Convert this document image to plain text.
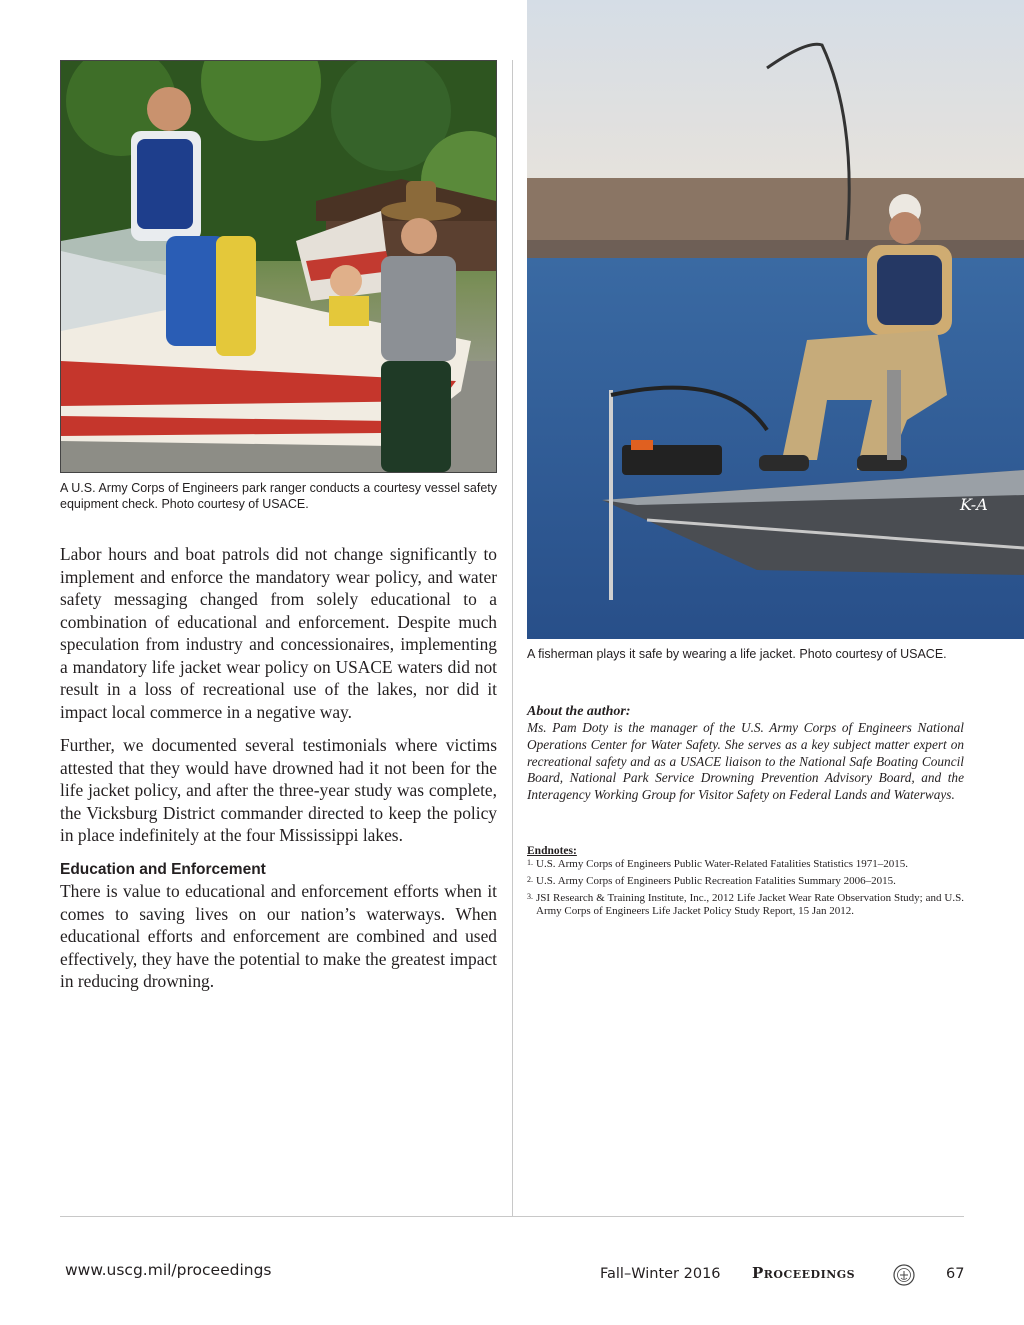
A U.S. Army Corps of Engineers park ranger conducts a courtesy vessel safety equipment check. Photo courtesy of USACE.

Labor hours and boat patrols did not change significantly to implement and enforce the mandatory wear policy, and water safety messaging changed from solely educational to a combination of educational and enforcement. Despite much speculation from industry and concessionaires, implementing a mandatory life jacket wear policy on USACE waters did not result in a loss of recreational use of the lakes, nor did it impact local commerce in a negative way.

Further, we documented several testimonials where victims attested that they would have drowned had it not been for the life jacket policy, and after the three-year study was complete, the Vicksburg District commander directed to keep the policy in place indefinitely at the four Mississippi lakes.

Education and Enforcement

There is value to educational and enforcement efforts when it comes to saving lives on our nation’s waterways. When educational efforts and enforcement are combined and used effectively, they have the potential to make the greatest impact in reducing drowning.

K-A
A fisherman plays it safe by wearing a life jacket. Photo courtesy of USACE.
About the author:
Ms. Pam Doty is the manager of the U.S. Army Corps of Engineers National Operations Center for Water Safety. She serves as a key subject matter expert on recreational safety and as a USACE liaison to the National Safe Boating Council Board, National Park Service Drowning Prevention Advisory Board, and the Interagency Working Group for Visitor Safety on Federal Lands and Waterways.
Endnotes:
1. U.S. Army Corps of Engineers Public Water-Related Fatalities Statistics 1971–2015.
2. U.S. Army Corps of Engineers Public Recreation Fatalities Summary 2006–2015.
3. JSI Research & Training Institute, Inc., 2012 Life Jacket Wear Rate Observation Study; and U.S. Army Corps of Engineers Life Jacket Policy Study Report, 15 Jan 2012.
www.uscg.mil/proceedings	Fall–Winter 2016 Proceedings	67
